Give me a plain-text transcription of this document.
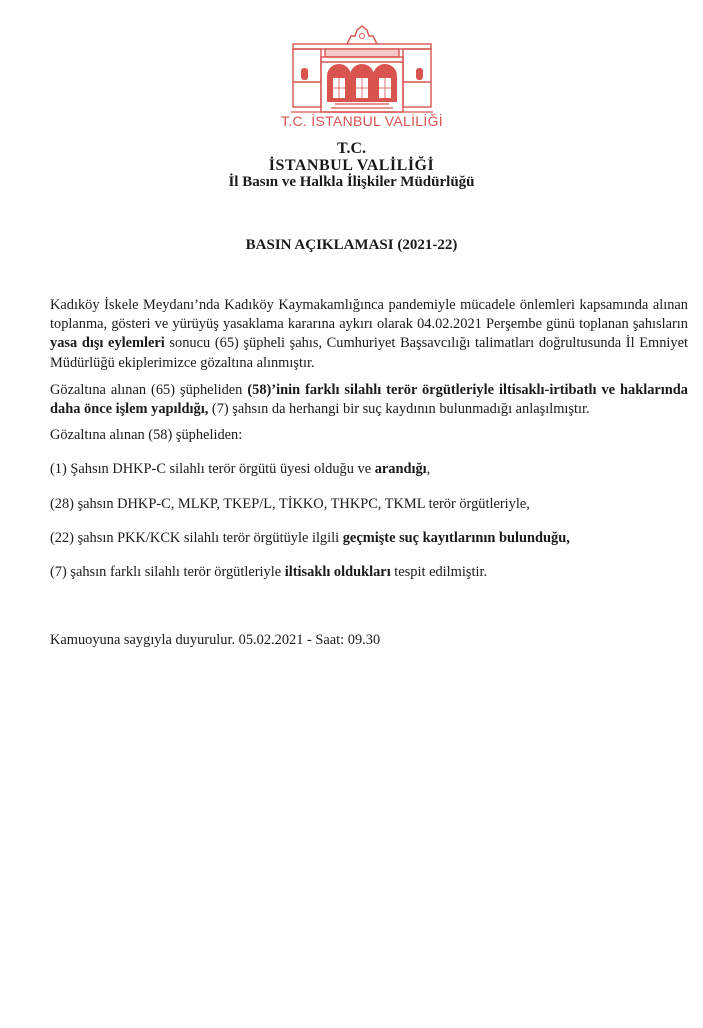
T.C. İSTANBUL VALİLİĞİ
T.C.
İSTANBUL VALİLİĞİ
İl Basın ve Halkla İlişkiler Müdürlüğü
BASIN AÇIKLAMASI (2021-22)

Kadıköy İskele Meydanı’nda Kadıköy Kaymakamlığınca pandemiyle mücadele önlemleri kapsamında alınan toplanma, gösteri ve yürüyüş yasaklama kararına aykırı olarak 04.02.2021 Perşembe günü toplanan şahısların yasa dışı eylemleri sonucu (65) şüpheli şahıs, Cumhuriyet Başsavcılığı talimatları doğrultusunda İl Emniyet Müdürlüğü ekiplerimizce gözaltına alınmıştır.

Gözaltına alınan (65) şüpheliden (58)’inin farklı silahlı terör örgütleriyle iltisaklı-irtibatlı ve haklarında daha önce işlem yapıldığı, (7) şahsın da herhangi bir suç kaydının bulunmadığı anlaşılmıştır.

Gözaltına alınan (58) şüpheliden:

(1) Şahsın DHKP-C silahlı terör örgütü üyesi olduğu ve arandığı,

(28) şahsın DHKP-C, MLKP, TKEP/L, TİKKO, THKPC, TKML terör örgütleriyle,

(22) şahsın PKK/KCK silahlı terör örgütüyle ilgili geçmişte suç kayıtlarının bulunduğu,

(7) şahsın farklı silahlı terör örgütleriyle iltisaklı oldukları tespit edilmiştir.

Kamuoyuna saygıyla duyurulur. 05.02.2021 - Saat: 09.30
